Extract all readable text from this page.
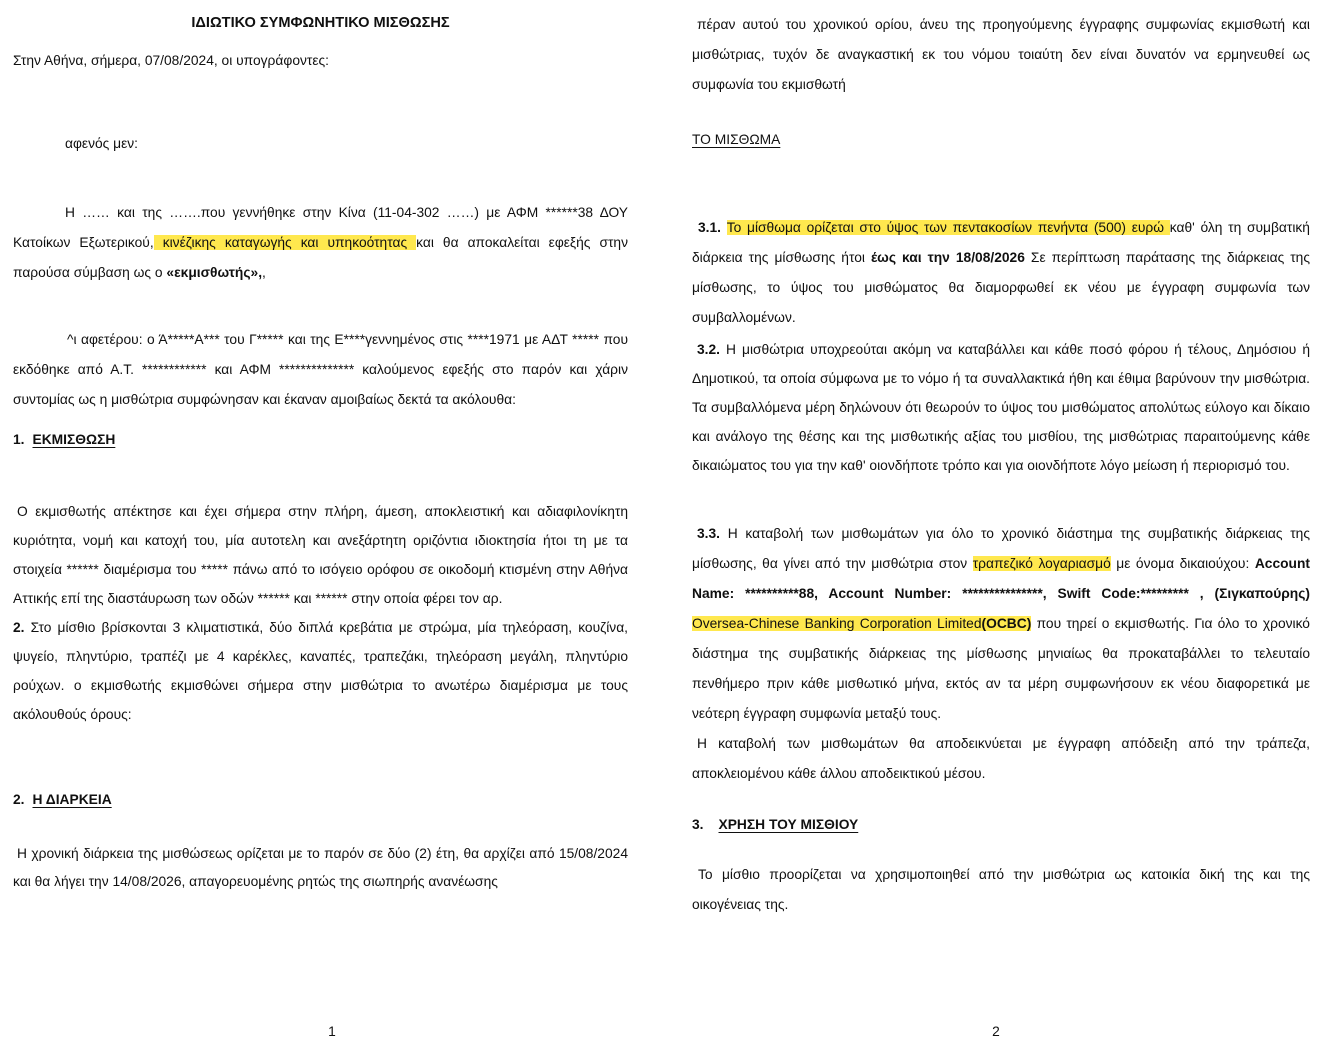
ΙΔΙΩΤΙΚΟ ΣΥΜΦΩΝΗΤΙΚΟ ΜΙΣΘΩΣΗΣ

Στην Αθήνα, σήμερα, 07/08/2024, οι υπογράφοντες:

αφενός μεν:

Η …… και της …….που γεννήθηκε στην Κίνα (11-04-302 ……) με ΑΦΜ ******38 ΔΟΥ Κατοίκων Εξωτερικού, κινέζικης καταγωγής και υπηκοότητας και θα αποκαλείται εφεξής στην παρούσα σύμβαση ως ο «εκμισθωτής»,,

^ι αφετέρου: ο Ά*****Α*** του Γ***** και της Ε****γεννημένος στις ****1971 με ΑΔΤ ***** που εκδόθηκε από Α.Τ. ************ και ΑΦΜ ************** καλούμενος εφεξής στο παρόν και χάριν συντομίας ως η μισθώτρια συμφώνησαν και έκαναν αμοιβαίως δεκτά τα ακόλουθα:

1. ΕΚΜΙΣΘΩΣΗ

Ο εκμισθωτής απέκτησε και έχει σήμερα στην πλήρη, άμεση, αποκλειστική και αδιαφιλονίκητη κυριότητα, νομή και κατοχή του, μία αυτοτελη και ανεξάρτητη οριζόντια ιδιοκτησία ήτοι τη με τα στοιχεία ****** διαμέρισμα του ***** πάνω από το ισόγειο ορόφου σε οικοδομή κτισμένη στην Αθήνα Αττικής επί της διαστάυρωση των οδών ****** και ****** στην οποία φέρει τον αρ.

2. Στο μίσθιο βρίσκονται 3 κλιματιστικά, δύο διπλά κρεβάτια με στρώμα, μία τηλεόραση, κουζίνα, ψυγείο, πληντύριο, τραπέζι με 4 καρέκλες, καναπές, τραπεζάκι, τηλεόραση μεγάλη, πληντύριο ρούχων. ο εκμισθωτής εκμισθώνει σήμερα στην μισθώτρια το ανωτέρω διαμέρισμα με τους ακόλουθούς όρους:

2. Η ΔΙΑΡΚΕΙΑ

Η χρονική διάρκεια της μισθώσεως ορίζεται με το παρόν σε δύο (2) έτη, θα αρχίζει από 15/08/2024 και θα λήγει την 14/08/2026, απαγορευομένης ρητώς της σιωπηρής ανανέωσης

1

πέραν αυτού του χρονικού ορίου, άνευ της προηγούμενης έγγραφης συμφωνίας εκμισθωτή και μισθώτριας, τυχόν δε αναγκαστική εκ του νόμου τοιαύτη δεν είναι δυνατόν να ερμηνευθεί ως συμφωνία του εκμισθωτή

ΤΟ ΜΙΣΘΩΜΑ

3.1. Το μίσθωμα ορίζεται στο ύψος των πεντακοσίων πενήντα (500) ευρώ καθ' όλη τη συμβατική διάρκεια της μίσθωσης ήτοι έως και την 18/08/2026 Σε περίπτωση παράτασης της διάρκειας της μίσθωσης, το ύψος του μισθώματος θα διαμορφωθεί εκ νέου με έγγραφη συμφωνία των συμβαλλομένων.

3.2. Η μισθώτρια υποχρεούται ακόμη να καταβάλλει και κάθε ποσό φόρου ή τέλους, Δημόσιου ή Δημοτικού, τα οποία σύμφωνα με το νόμο ή τα συναλλακτικά ήθη και έθιμα βαρύνουν την μισθώτρια. Τα συμβαλλόμενα μέρη δηλώνουν ότι θεωρούν το ύψος του μισθώματος απολύτως εύλογο και δίκαιο και ανάλογο της θέσης και της μισθωτικής αξίας του μισθίου, της μισθώτριας παραιτούμενης κάθε δικαιώματος του για την καθ' οιονδήποτε τρόπο και για οιονδήποτε λόγο μείωση ή περιορισμό του.

3.3. Η καταβολή των μισθωμάτων για όλο το χρονικό διάστημα της συμβατικής διάρκειας της μίσθωσης, θα γίνει από την μισθώτρια στον τραπεζικό λογαριασμό με όνομα δικαιούχου: Account Name: **********88, Account Number: ***************, Swift Code:********* , (Σιγκαπούρης) Oversea-Chinese Banking Corporation Limited(OCBC) που τηρεί ο εκμισθωτής. Για όλο το χρονικό διάστημα της συμβατικής διάρκειας της μίσθωσης μηνιαίως θα προκαταβάλλει το τελευταίο πενθήμερο πριν κάθε μισθωτικό μήνα, εκτός αν τα μέρη συμφωνήσουν εκ νέου διαφορετικά με νεότερη έγγραφη συμφωνία μεταξύ τους.

Η καταβολή των μισθωμάτων θα αποδεικνύεται με έγγραφη απόδειξη από την τράπεζα, αποκλειομένου κάθε άλλου αποδεικτικού μέσου.

3. ΧΡΗΣΗ ΤΟΥ ΜΙΣΘΙΟΥ

Το μίσθιο προορίζεται να χρησιμοποιηθεί από την μισθώτρια ως κατοικία δική της και της οικογένειας της.

2
